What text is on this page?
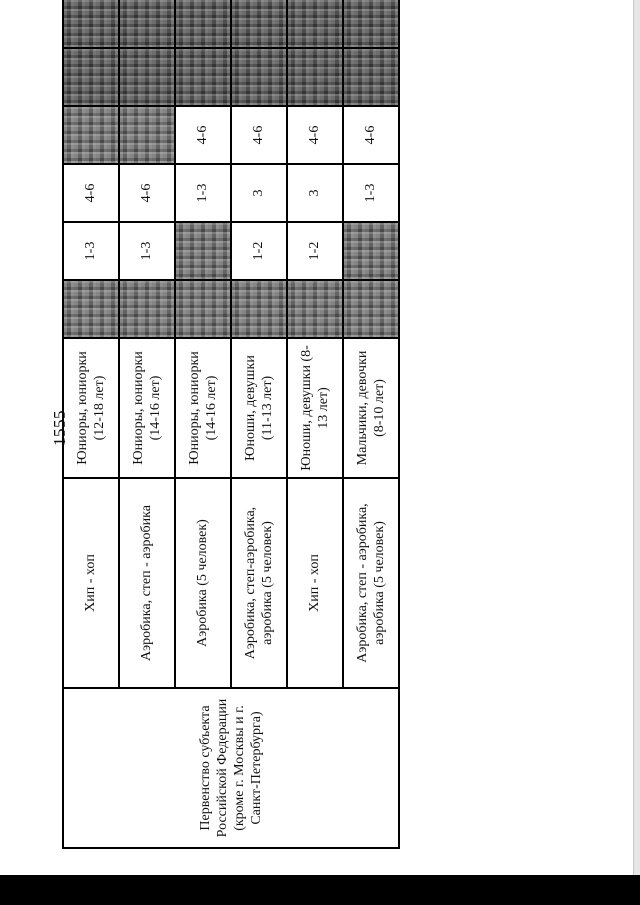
1555
Первенство субъекта Российской Федерации (кроме г. Москвы и г. Санкт-Петербурга)	Хип - хоп	Юниоры, юниорки (12-18 лет)		1-3	4-6			
	Аэробика, степ - аэробика	Юниоры, юниорки (14-16 лет)		1-3	4-6			
	Аэробика (5 человек)	Юниоры, юниорки (14-16 лет)			1-3	4-6		
	Аэробика, степ-аэробика, аэробика (5 человек)	Юноши, девушки (11-13 лет)		1-2	3	4-6		
	Хип - хоп	Юноши, девушки (8-13 лет)		1-2	3	4-6		
	Аэробика, степ - аэробика, аэробика (5 человек)	Мальчики, девочки (8-10 лет)			1-3	4-6		
